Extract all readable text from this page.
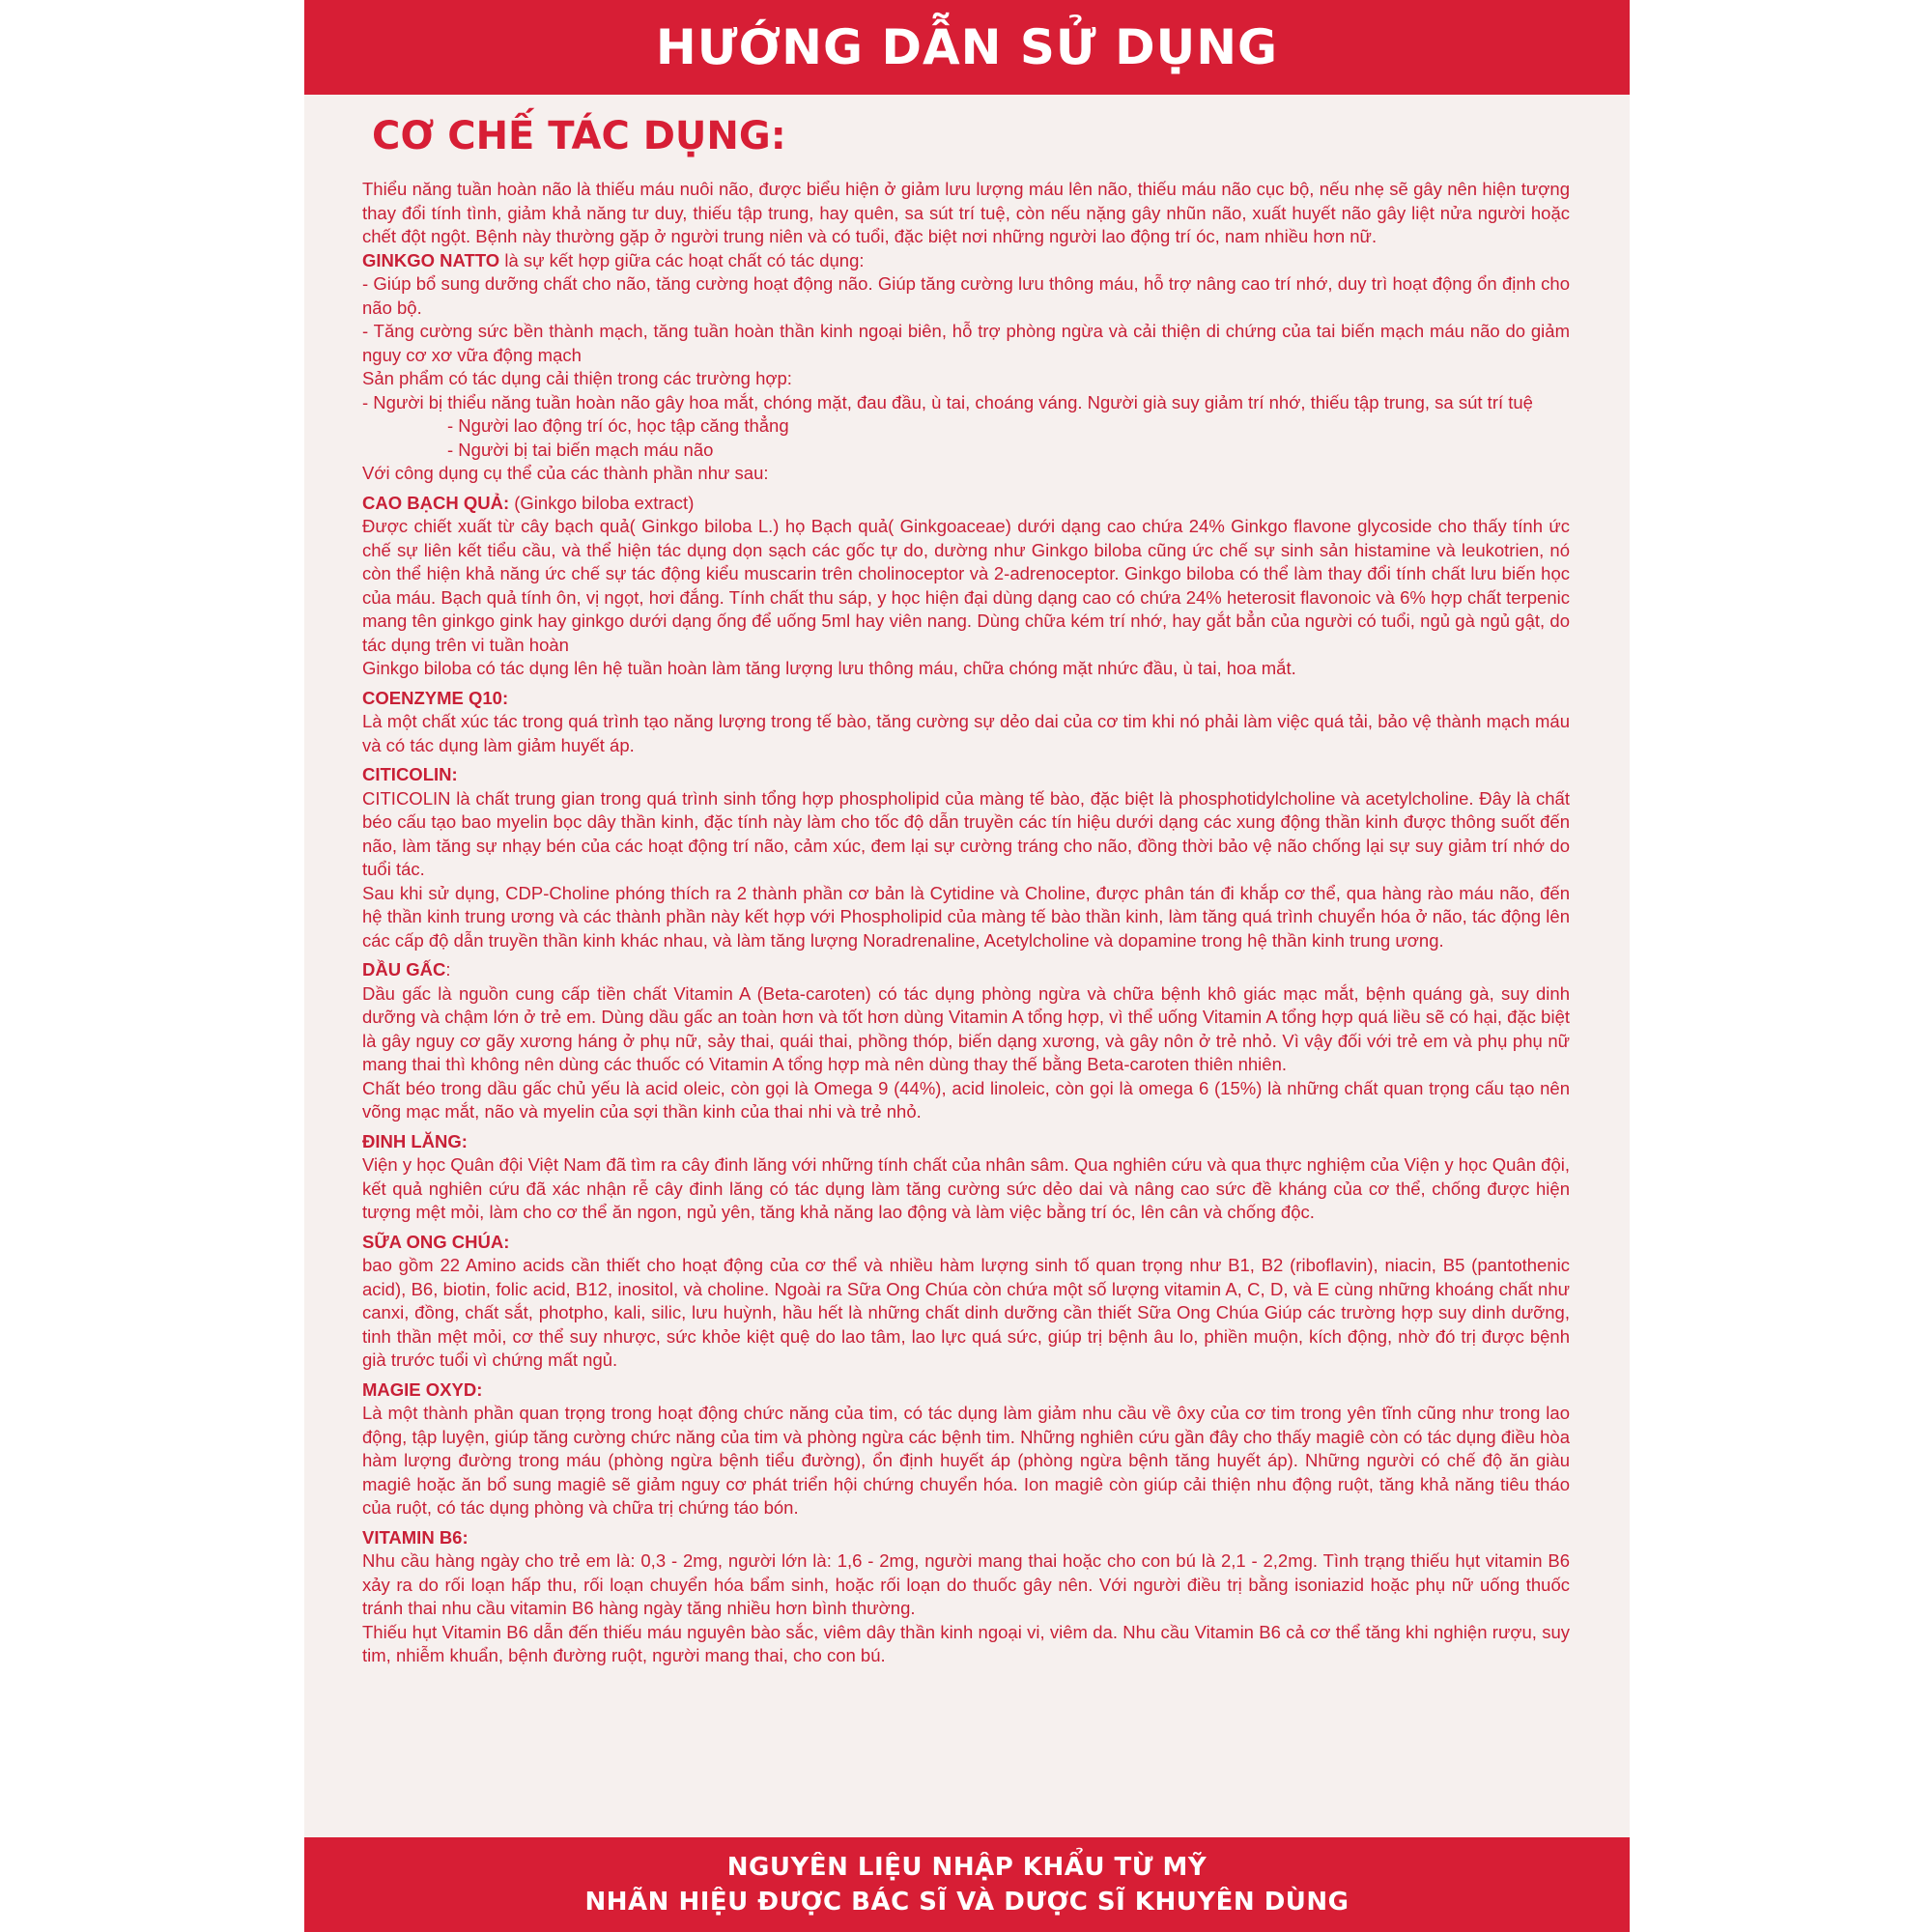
HƯỚNG DẪN SỬ DỤNG
CƠ CHẾ TÁC DỤNG:

Thiểu năng tuần hoàn não là thiếu máu nuôi não, được biểu hiện ở giảm lưu lượng máu lên não, thiếu máu não cục bộ, nếu nhẹ sẽ gây nên hiện tượng thay đổi tính tình, giảm khả năng tư duy, thiếu tập trung, hay quên, sa sút trí tuệ, còn nếu nặng gây nhũn não, xuất huyết não gây liệt nửa người hoặc chết đột ngột. Bệnh này thường gặp ở người trung niên và có tuổi, đặc biệt nơi những người lao động trí óc, nam nhiều hơn nữ.

GINKGO NATTO là sự kết hợp giữa các hoạt chất có tác dụng:

- Giúp bổ sung dưỡng chất cho não, tăng cường hoạt động não. Giúp tăng cường lưu thông máu, hỗ trợ nâng cao trí nhớ, duy trì hoạt động ổn định cho não bộ.

- Tăng cường sức bền thành mạch, tăng tuần hoàn thần kinh ngoại biên, hỗ trợ phòng ngừa và cải thiện di chứng của tai biến mạch máu não do giảm nguy cơ xơ vữa động mạch

Sản phẩm có tác dụng cải thiện trong các trường hợp:

- Người bị thiểu năng tuần hoàn não gây hoa mắt, chóng mặt, đau đầu, ù tai, choáng váng. Người già suy giảm trí nhớ, thiếu tập trung, sa sút trí tuệ

- Người lao động trí óc, học tập căng thẳng

- Người bị tai biến mạch máu não

Với công dụng cụ thể của các thành phần như sau:

CAO BẠCH QUẢ: (Ginkgo biloba extract)

Được chiết xuất từ cây bạch quả( Ginkgo biloba L.) họ Bạch quả( Ginkgoaceae) dưới dạng cao chứa 24% Ginkgo flavone glycoside cho thấy tính ức chế sự liên kết tiểu cầu, và thể hiện tác dụng dọn sạch các gốc tự do, dường như Ginkgo biloba cũng ức chế sự sinh sản histamine và leukotrien, nó còn thể hiện khả năng ức chế sự tác động kiểu muscarin trên cholinoceptor và 2-adrenoceptor. Ginkgo biloba có thể làm thay đổi tính chất lưu biến học của máu. Bạch quả tính ôn, vị ngọt, hơi đắng. Tính chất thu sáp, y học hiện đại dùng dạng cao có chứa 24% heterosit flavonoic và 6% hợp chất terpenic mang tên ginkgo gink hay ginkgo dưới dạng ống để uống 5ml hay viên nang. Dùng chữa kém trí nhớ, hay gắt bẳn của người có tuổi, ngủ gà ngủ gật, do tác dụng trên vi tuần hoàn

Ginkgo biloba có tác dụng lên hệ tuần hoàn làm tăng lượng lưu thông máu, chữa chóng mặt nhức đầu, ù tai, hoa mắt.

COENZYME Q10:

Là một chất xúc tác trong quá trình tạo năng lượng trong tế bào, tăng cường sự dẻo dai của cơ tim khi nó phải làm việc quá tải, bảo vệ thành mạch máu và có tác dụng làm giảm huyết áp.

CITICOLIN:

CITICOLIN là chất trung gian trong quá trình sinh tổng hợp phospholipid của màng tế bào, đặc biệt là phosphotidylcholine và acetylcholine. Đây là chất béo cấu tạo bao myelin bọc dây thần kinh, đặc tính này làm cho tốc độ dẫn truyền các tín hiệu dưới dạng các xung động thần kinh được thông suốt đến não, làm tăng sự nhạy bén của các hoạt động trí não, cảm xúc, đem lại sự cường tráng cho não, đồng thời bảo vệ não chống lại sự suy giảm trí nhớ do tuổi tác.

Sau khi sử dụng, CDP-Choline phóng thích ra 2 thành phần cơ bản là Cytidine và Choline, được phân tán đi khắp cơ thể, qua hàng rào máu não, đến hệ thần kinh trung ương và các thành phần này kết hợp với Phospholipid của màng tế bào thần kinh, làm tăng quá trình chuyển hóa ở não, tác động lên các cấp độ dẫn truyền thần kinh khác nhau, và làm tăng lượng Noradrenaline, Acetylcholine và dopamine trong hệ thần kinh trung ương.

DẦU GẤC:

Dầu gấc là nguồn cung cấp tiền chất Vitamin A (Beta-caroten) có tác dụng phòng ngừa và chữa bệnh khô giác mạc mắt, bệnh quáng gà, suy dinh dưỡng và chậm lớn ở trẻ em. Dùng dầu gấc an toàn hơn và tốt hơn dùng Vitamin A tổng hợp, vì thể uống Vitamin A tổng hợp quá liều sẽ có hại, đặc biệt là gây nguy cơ gãy xương háng ở phụ nữ, sảy thai, quái thai, phồng thóp, biến dạng xương, và gây nôn ở trẻ nhỏ. Vì vậy đối với trẻ em và phụ phụ nữ mang thai thì không nên dùng các thuốc có Vitamin A tổng hợp mà nên dùng thay thế bằng Beta-caroten thiên nhiên.

Chất béo trong dầu gấc chủ yếu là acid oleic, còn gọi là Omega 9 (44%), acid linoleic, còn gọi là omega 6 (15%) là những chất quan trọng cấu tạo nên võng mạc mắt, não và myelin của sợi thần kinh của thai nhi và trẻ nhỏ.

ĐINH LĂNG:

Viện y học Quân đội Việt Nam đã tìm ra cây đinh lăng với những tính chất của nhân sâm. Qua nghiên cứu và qua thực nghiệm của Viện y học Quân đội, kết quả nghiên cứu đã xác nhận rễ cây đinh lăng có tác dụng làm tăng cường sức dẻo dai và nâng cao sức đề kháng của cơ thể, chống được hiện tượng mệt mỏi, làm cho cơ thể ăn ngon, ngủ yên, tăng khả năng lao động và làm việc bằng trí óc, lên cân và chống độc.

SỮA ONG CHÚA:

bao gồm 22 Amino acids cần thiết cho hoạt động của cơ thể và nhiều hàm lượng sinh tố quan trọng như B1, B2 (riboflavin), niacin, B5 (pantothenic acid), B6, biotin, folic acid, B12, inositol, và choline. Ngoài ra Sữa Ong Chúa còn chứa một số lượng vitamin A, C, D, và E cùng những khoáng chất như canxi, đồng, chất sắt, photpho, kali, silic, lưu huỳnh, hầu hết là những chất dinh dưỡng cần thiết Sữa Ong Chúa Giúp các trường hợp suy dinh dưỡng, tinh thần mệt mỏi, cơ thể suy nhược, sức khỏe kiệt quệ do lao tâm, lao lực quá sức, giúp trị bệnh âu lo, phiền muộn, kích động, nhờ đó trị được bệnh già trước tuổi vì chứng mất ngủ.

MAGIE OXYD:

Là một thành phần quan trọng trong hoạt động chức năng của tim, có tác dụng làm giảm nhu cầu về ôxy của cơ tim trong yên tĩnh cũng như trong lao động, tập luyện, giúp tăng cường chức năng của tim và phòng ngừa các bệnh tim. Những nghiên cứu gần đây cho thấy magiê còn có tác dụng điều hòa hàm lượng đường trong máu (phòng ngừa bệnh tiểu đường), ổn định huyết áp (phòng ngừa bệnh tăng huyết áp). Những người có chế độ ăn giàu magiê hoặc ăn bổ sung magiê sẽ giảm nguy cơ phát triển hội chứng chuyển hóa. Ion magiê còn giúp cải thiện nhu động ruột, tăng khả năng tiêu tháo của ruột, có tác dụng phòng và chữa trị chứng táo bón.

VITAMIN B6:

Nhu cầu hàng ngày cho trẻ em là: 0,3 - 2mg, người lớn là: 1,6 - 2mg, người mang thai hoặc cho con bú là 2,1 - 2,2mg. Tình trạng thiếu hụt vitamin B6 xảy ra do rối loạn hấp thu, rối loạn chuyển hóa bẩm sinh, hoặc rối loạn do thuốc gây nên. Với người điều trị bằng isoniazid hoặc phụ nữ uống thuốc tránh thai nhu cầu vitamin B6 hàng ngày tăng nhiều hơn bình thường.

Thiếu hụt Vitamin B6 dẫn đến thiếu máu nguyên bào sắc, viêm dây thần kinh ngoại vi, viêm da. Nhu cầu Vitamin B6 cả cơ thể tăng khi nghiện rượu, suy tim, nhiễm khuẩn, bệnh đường ruột, người mang thai, cho con bú.

NGUYÊN LIỆU NHẬP KHẨU TỪ MỸ
NHÃN HIỆU ĐƯỢC BÁC SĨ VÀ DƯỢC SĨ KHUYÊN DÙNG
